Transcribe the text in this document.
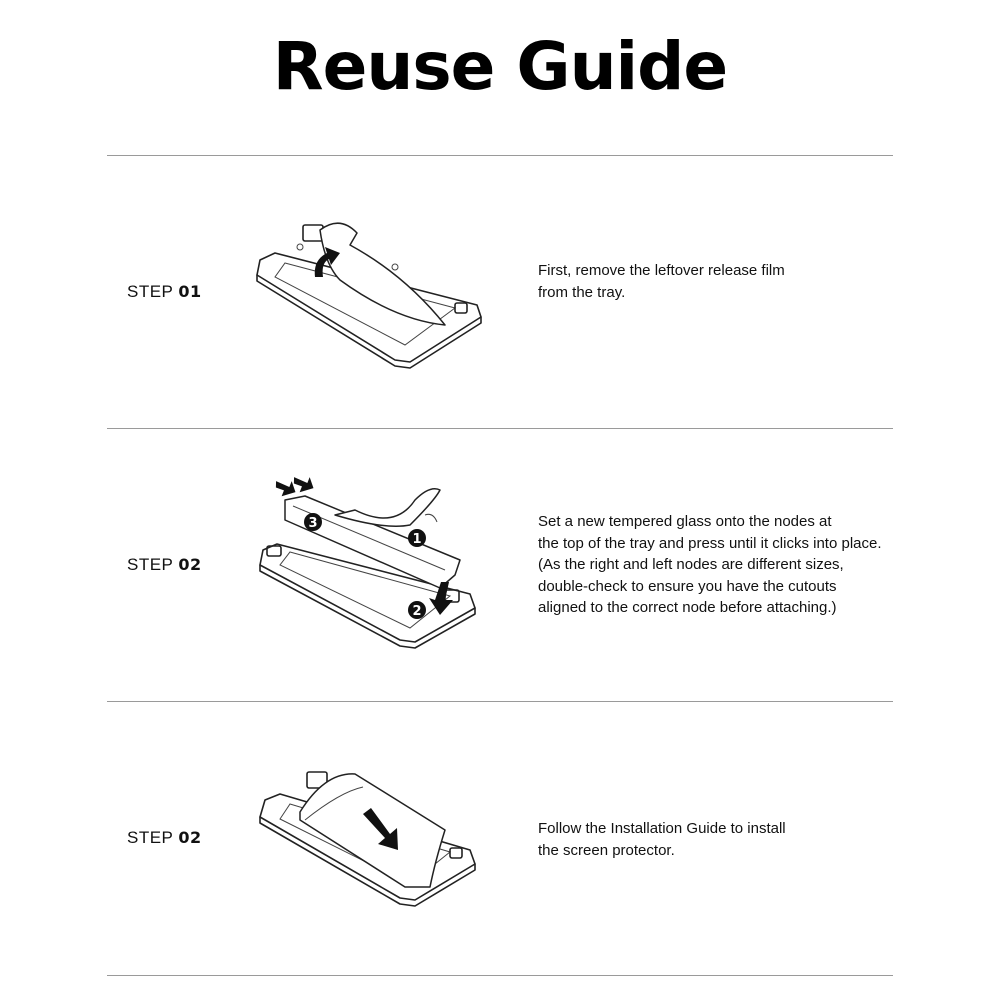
Reuse Guide
STEP 01
First, remove the leftover release film
from the tray.
STEP 02
1
2
3	Set a new tempered glass onto the nodes at
the top of the tray and press until it clicks into place.
(As the right and left nodes are different sizes,
double-check to ensure you have the cutouts
aligned to the correct node before attaching.)
STEP 02	Follow the Installation Guide to install
the screen protector.
